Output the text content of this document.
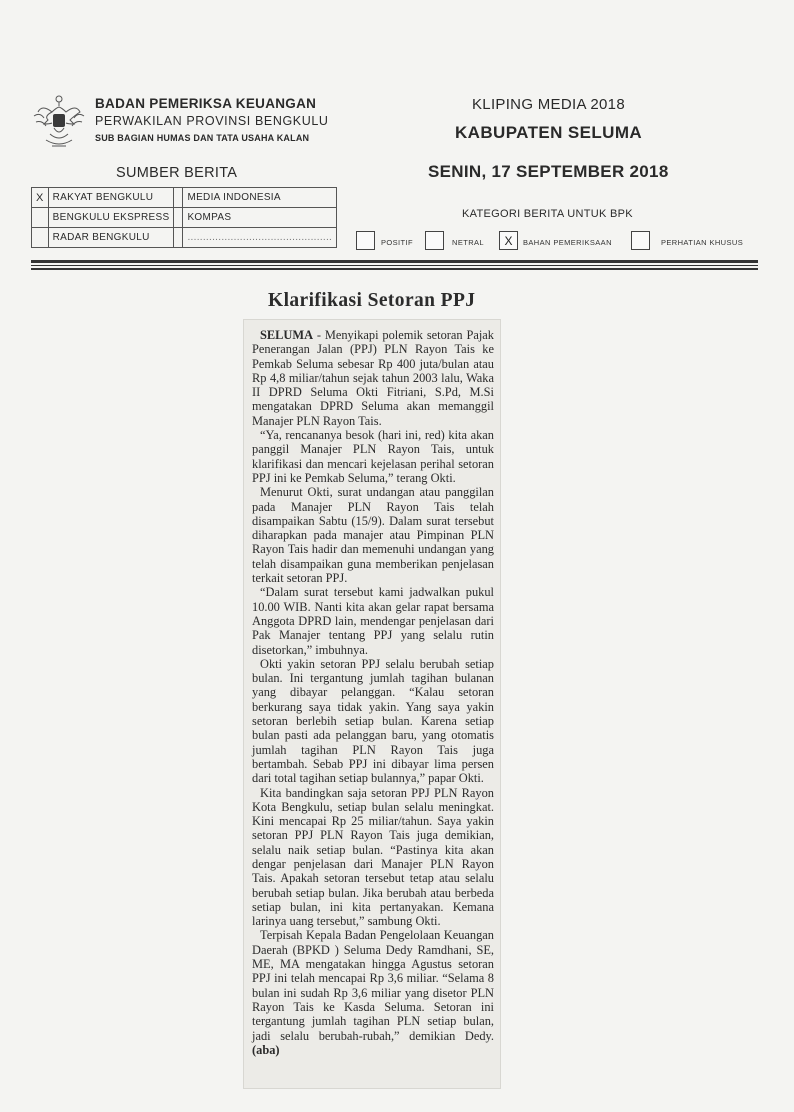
BADAN PEMERIKSA KEUANGAN
PERWAKILAN PROVINSI BENGKULU
SUB BAGIAN HUMAS DAN TATA USAHA KALAN
KLIPING MEDIA 2018
KABUPATEN SELUMA
SENIN, 17 SEPTEMBER 2018
SUMBER BERITA
X	RAKYAT BENGKULU		MEDIA INDONESIA
	BENGKULU EKSPRESS		KOMPAS
	RADAR BENGKULU		...............................................
KATEGORI BERITA UNTUK BPK
POSITIF	NETRAL	X	BAHAN PEMERIKSAAN	PERHATIAN KHUSUS
Klarifikasi Setoran PPJ

SELUMA - Menyikapi polemik setoran Pajak Penerangan Jalan (PPJ) PLN Rayon Tais ke Pemkab Seluma sebesar Rp 400 juta/bulan atau Rp 4,8 miliar/tahun sejak tahun 2003 lalu, Waka II DPRD Seluma Okti Fitriani, S.Pd, M.Si mengatakan DPRD Seluma akan memanggil Manajer PLN Rayon Tais.

“Ya, rencananya besok (hari ini, red) kita akan panggil Manajer PLN Rayon Tais, untuk klarifikasi dan mencari kejelasan perihal setoran PPJ ini ke Pemkab Seluma,” terang Okti.

Menurut Okti, surat undangan atau panggilan pada Manajer PLN Rayon Tais telah disampaikan Sabtu (15/9). Dalam surat tersebut diharapkan pada manajer atau Pimpinan PLN Rayon Tais hadir dan memenuhi undangan yang telah disampaikan guna memberikan penjelasan terkait setoran PPJ.

“Dalam surat tersebut kami jadwalkan pukul 10.00 WIB. Nanti kita akan gelar rapat bersama Anggota DPRD lain, mendengar penjelasan dari Pak Manajer tentang PPJ yang selalu rutin disetorkan,” imbuhnya.

Okti yakin setoran PPJ selalu berubah setiap bulan. Ini tergantung jumlah tagihan bulanan yang dibayar pelanggan. “Kalau setoran berkurang saya tidak yakin. Yang saya yakin setoran berlebih setiap bulan. Karena setiap bulan pasti ada pelanggan baru, yang otomatis jumlah tagihan PLN Rayon Tais juga bertambah. Sebab PPJ ini dibayar lima persen dari total tagihan setiap bulannya,” papar Okti.

Kita bandingkan saja setoran PPJ PLN Rayon Kota Bengkulu, setiap bulan selalu meningkat. Kini mencapai Rp 25 miliar/tahun. Saya yakin setoran PPJ PLN Rayon Tais juga demikian, selalu naik setiap bulan. “Pastinya kita akan dengar penjelasan dari Manajer PLN Rayon Tais. Apakah setoran tersebut tetap atau selalu berubah setiap bulan. Jika berubah atau berbeda setiap bulan, ini kita pertanyakan. Kemana larinya uang tersebut,” sambung Okti.

Terpisah Kepala Badan Pengelolaan Keuangan Daerah (BPKD ) Seluma Dedy Ramdhani, SE, ME, MA mengatakan hingga Agustus setoran PPJ ini telah mencapai Rp 3,6 miliar. “Selama 8 bulan ini sudah Rp 3,6 miliar yang disetor PLN Rayon Tais ke Kasda Seluma. Setoran ini tergantung jumlah tagihan PLN setiap bulan, jadi selalu berubah-rubah,” demikian Dedy.(aba)
